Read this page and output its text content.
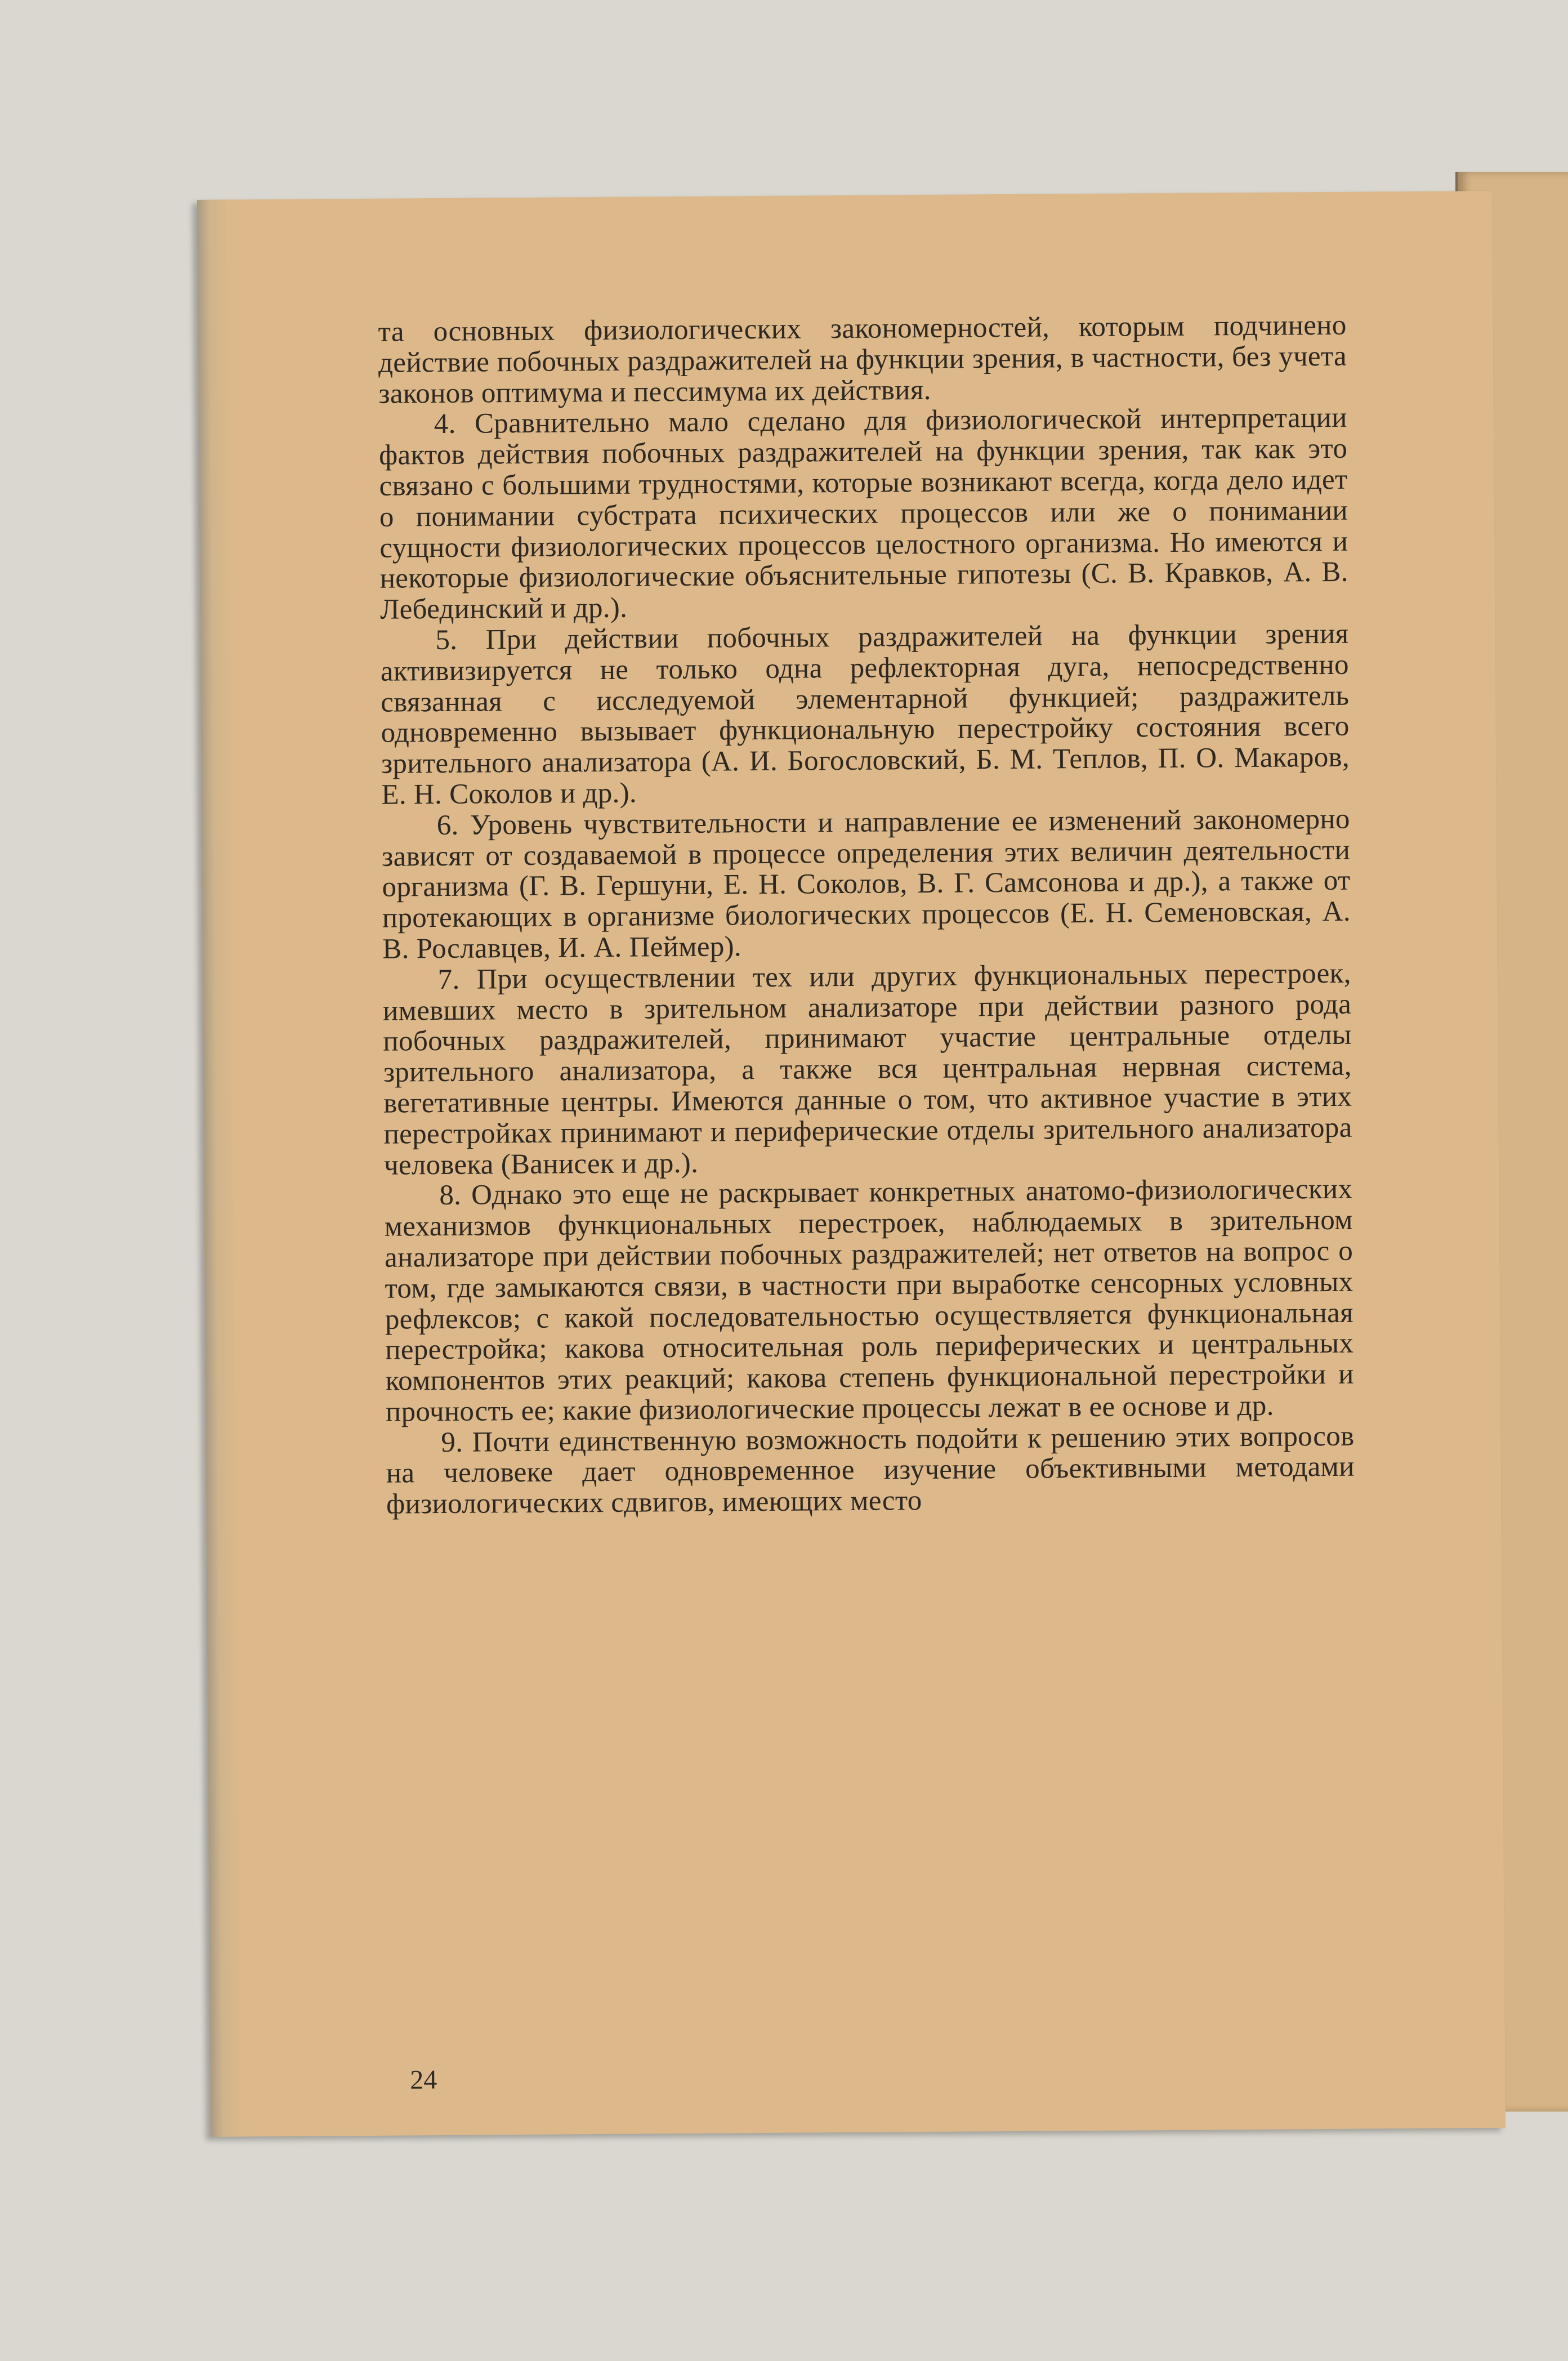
та основных физиологических закономерностей, которым подчинено действие побочных раздражителей на функции зрения, в частности, без учета законов оптимума и пессимума их действия.

4. Сравнительно мало сделано для физиологической интерпретации фактов действия побочных раздражителей на функции зрения, так как это связано с большими трудностями, которые возникают всегда, когда дело идет о понимании субстрата психических процессов или же о понимании сущности физиологических процессов целостного организма. Но имеются и некоторые физиологические объяснительные гипотезы (С. В. Кравков, А. В. Лебединский и др.).

5. При действии побочных раздражителей на функции зрения активизируется не только одна рефлекторная дуга, непосредственно связанная с исследуемой элементарной функцией; раздражитель одновременно вызывает функциональную перестройку состояния всего зрительного анализатора (А. И. Богословский, Б. М. Теплов, П. О. Макаров, Е. Н. Соколов и др.).

6. Уровень чувствительности и направление ее изменений закономерно зависят от создаваемой в процессе определения этих величин деятельности организма (Г. В. Гершуни, Е. Н. Соколов, В. Г. Самсонова и др.), а также от протекающих в организме биологических процессов (Е. Н. Семеновская, А. В. Рославцев, И. А. Пеймер).

7. При осуществлении тех или других функциональных перестроек, имевших место в зрительном анализаторе при действии разного рода побочных раздражителей, принимают участие центральные отделы зрительного анализатора, а также вся центральная нервная система, вегетативные центры. Имеются данные о том, что активное участие в этих перестройках принимают и периферические отделы зрительного анализатора человека (Ванисек и др.).

8. Однако это еще не раскрывает конкретных анатомо-физиологических механизмов функциональных перестроек, наблюдаемых в зрительном анализаторе при действии побочных раздражителей; нет ответов на вопрос о том, где замыкаются связи, в частности при выработке сенсорных условных рефлексов; с какой последовательностью осуществляется функциональная перестройка; какова относительная роль периферических и центральных компонентов этих реакций; какова степень функциональной перестройки и прочность ее; какие физиологические процессы лежат в ее основе и др.

9. Почти единственную возможность подойти к решению этих вопросов на человеке дает одновременное изучение объективными методами физиологических сдвигов, имеющих место

24
